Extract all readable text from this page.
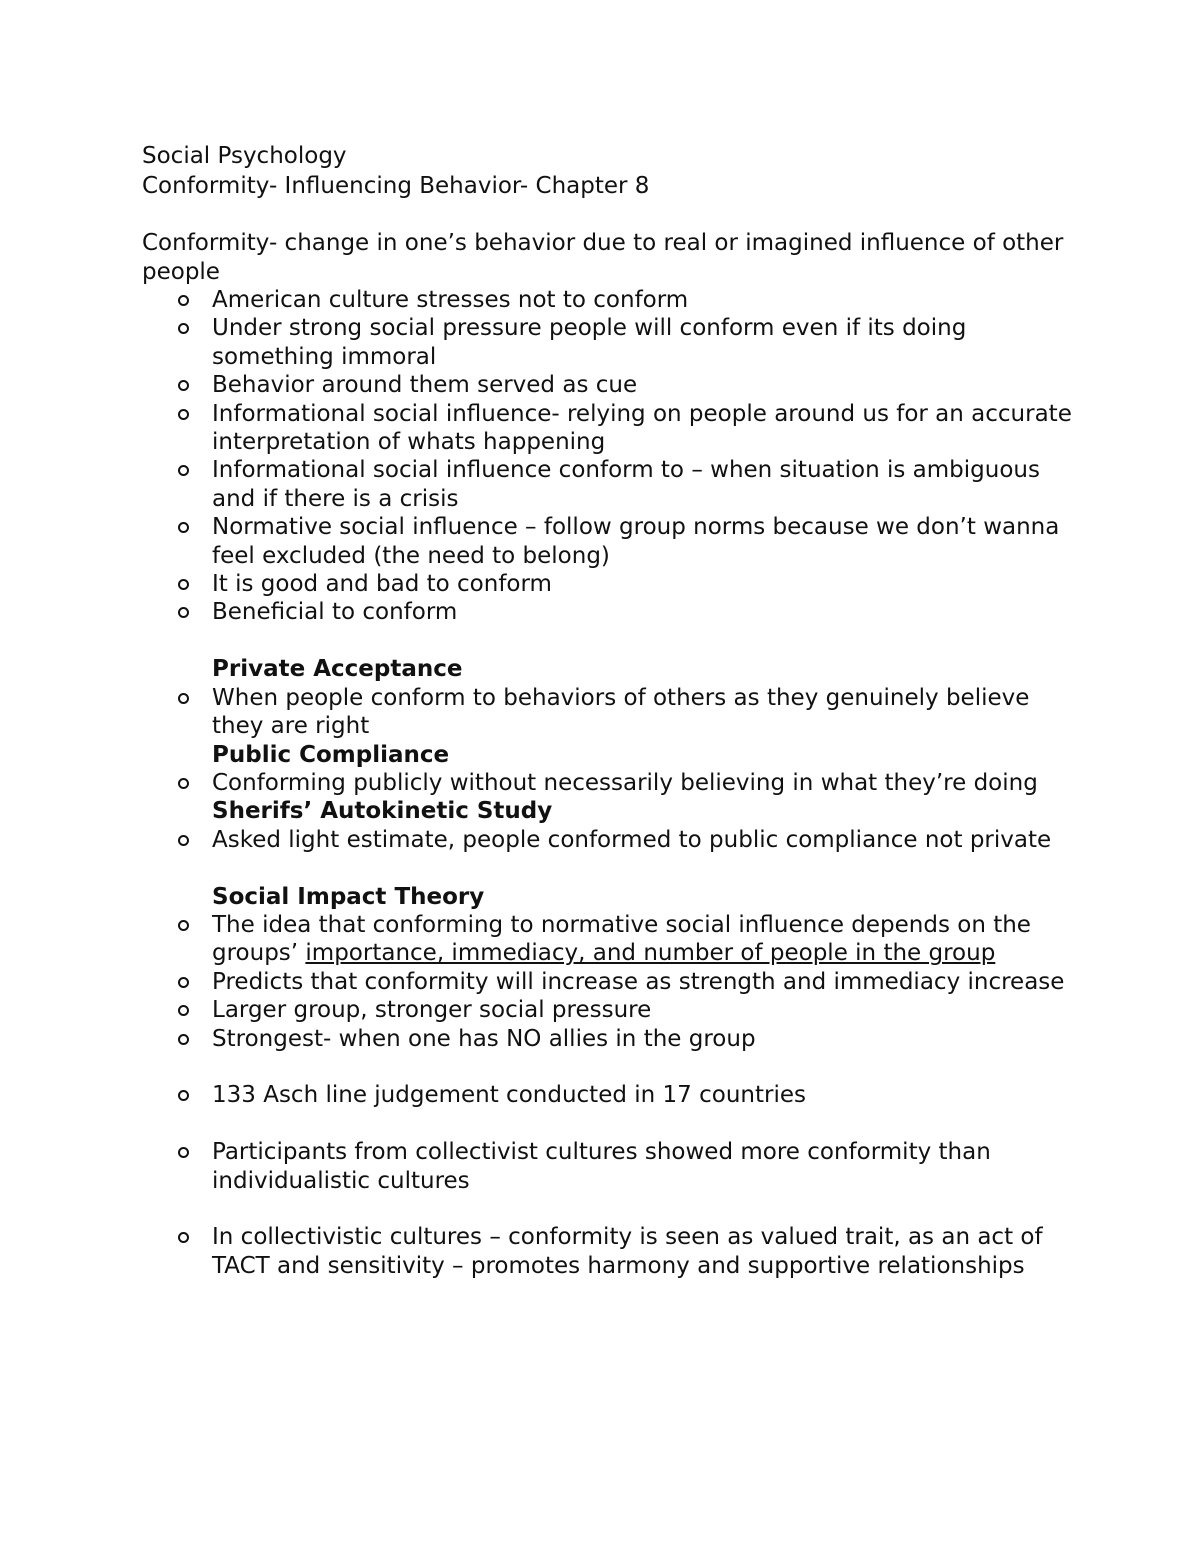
Social Psychology

Conformity- Influencing Behavior- Chapter 8

Conformity- change in one’s behavior due to real or imagined influence of other people

American culture stresses not to conform
Under strong social pressure people will conform even if its doing something immoral
Behavior around them served as cue
Informational social influence- relying on people around us for an accurate interpretation of whats happening
Informational social influence conform to – when situation is ambiguous and if there is a crisis
Normative social influence – follow group norms because we don’t wanna feel excluded (the need to belong)
It is good and bad to conform
Beneficial to conform

Private Acceptance

When people conform to behaviors of others as they genuinely believe they are right

Public Compliance

Conforming publicly without necessarily believing in what they’re doing

Sherifs’ Autokinetic Study

Asked light estimate, people conformed to public compliance not private

Social Impact Theory

The idea that conforming to normative social influence depends on the groups’ importance, immediacy, and number of people in the group
Predicts that conformity will increase as strength and immediacy increase
Larger group, stronger social pressure
Strongest- when one has NO allies in the group
133 Asch line judgement conducted in 17 countries
Participants from collectivist cultures showed more conformity than individualistic cultures
In collectivistic cultures – conformity is seen as valued trait, as an act of TACT and sensitivity – promotes harmony and supportive relationships
